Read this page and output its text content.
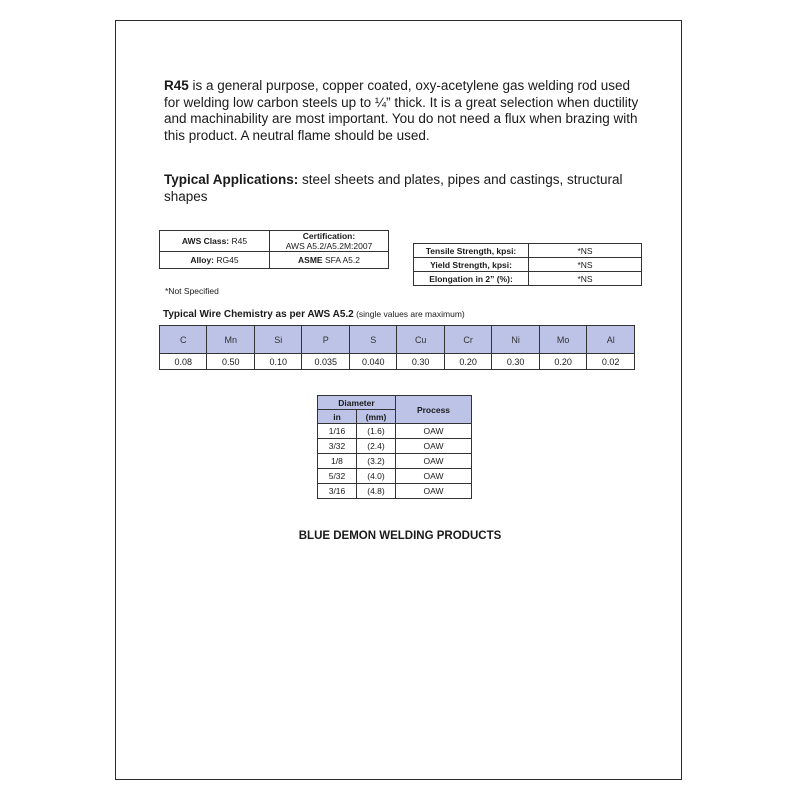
R45 is a general purpose, copper coated, oxy-acetylene gas welding rod used for welding low carbon steels up to ¼” thick. It is a great selection when ductility and machinability are most important. You do not need a flux when brazing with this product. A neutral flame should be used.

Typical Applications: steel sheets and plates, pipes and castings, structural shapes

AWS Class: R45	Certification:
AWS A5.2/A5.2M:2007
Alloy: RG45	ASME SFA A5.2
Tensile Strength, kpsi:	*NS
Yield Strength, kpsi:	*NS
Elongation in 2” (%):	*NS
*Not Specified
Typical Wire Chemistry as per AWS A5.2 (single values are maximum)
C	Mn	Si	P	S	Cu	Cr	Ni	Mo	Al
0.08	0.50	0.10	0.035	0.040	0.30	0.20	0.30	0.20	0.02
Diameter		Process
in	(mm)	
1/16	(1.6)	OAW
3/32	(2.4)	OAW
1/8	(3.2)	OAW
5/32	(4.0)	OAW
3/16	(4.8)	OAW
BLUE DEMON WELDING PRODUCTS
